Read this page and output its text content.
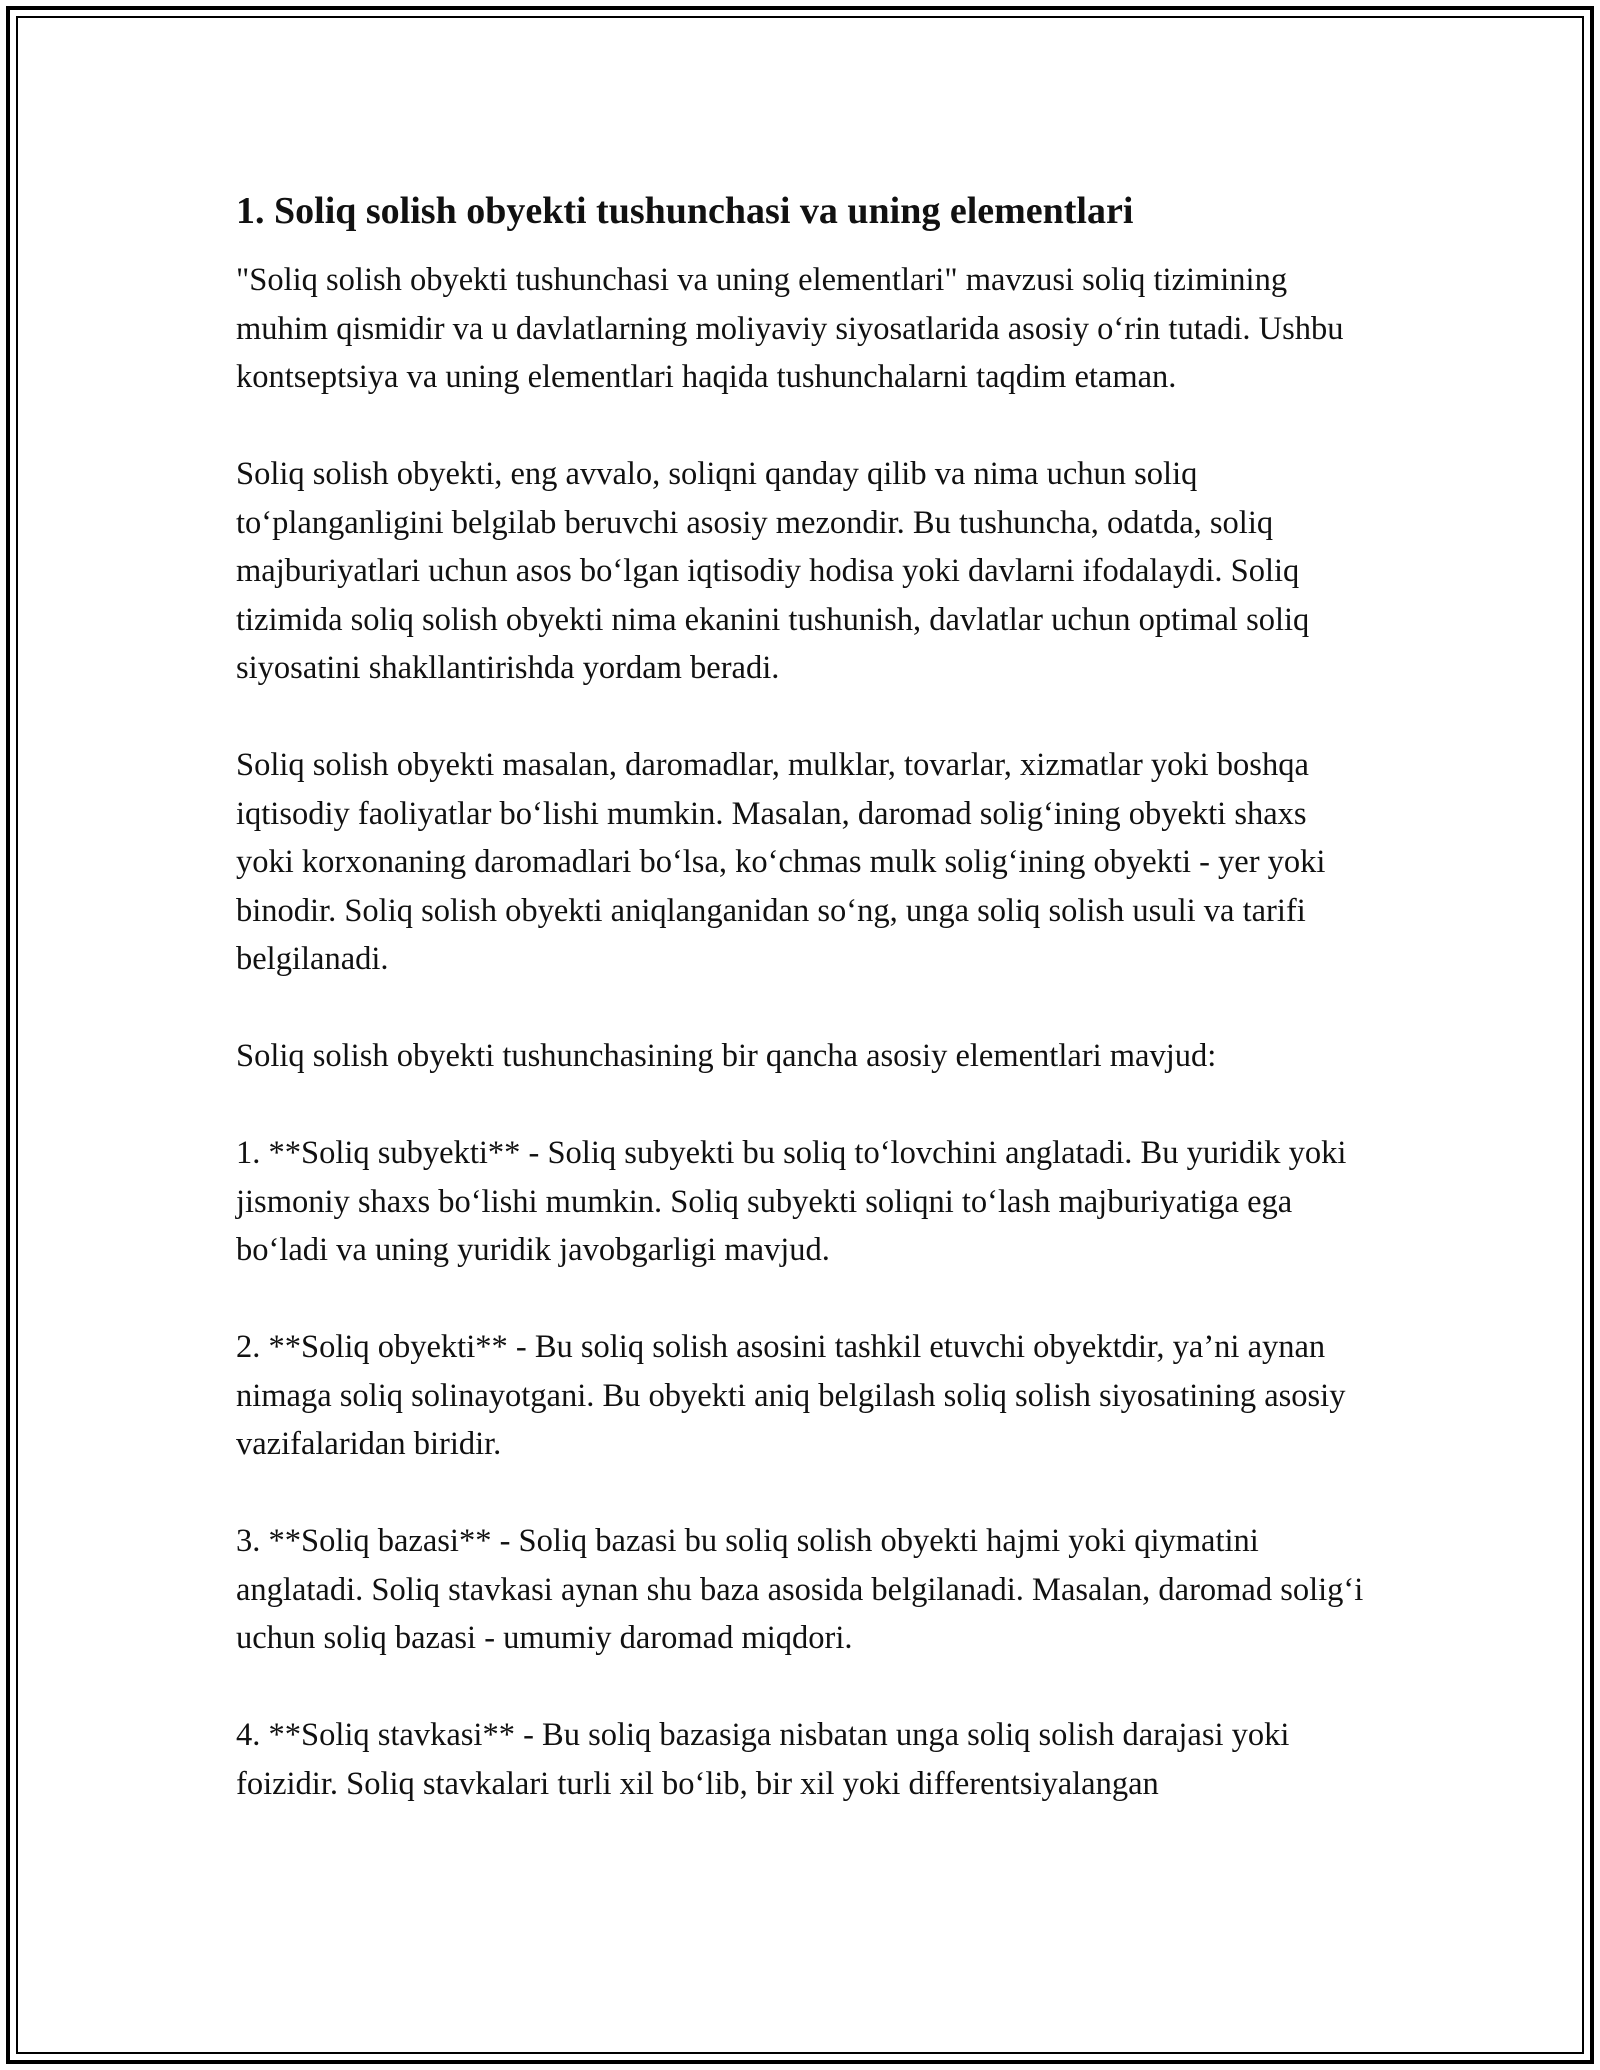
1. Soliq solish obyekti tushunchasi va uning elementlari

"Soliq solish obyekti tushunchasi va uning elementlari" mavzusi soliq tizimining muhim qismidir va u davlatlarning moliyaviy siyosatlarida asosiy o‘rin tutadi. Ushbu kontseptsiya va uning elementlari haqida tushunchalarni taqdim etaman.

Soliq solish obyekti, eng avvalo, soliqni qanday qilib va nima uchun soliq to‘planganligini belgilab beruvchi asosiy mezondir. Bu tushuncha, odatda, soliq majburiyatlari uchun asos bo‘lgan iqtisodiy hodisa yoki davlarni ifodalaydi. Soliq tizimida soliq solish obyekti nima ekanini tushunish, davlatlar uchun optimal soliq siyosatini shakllantirishda yordam beradi.

Soliq solish obyekti masalan, daromadlar, mulklar, tovarlar, xizmatlar yoki boshqa iqtisodiy faoliyatlar bo‘lishi mumkin. Masalan, daromad solig‘ining obyekti shaxs yoki korxonaning daromadlari bo‘lsa, ko‘chmas mulk solig‘ining obyekti - yer yoki binodir. Soliq solish obyekti aniqlanganidan so‘ng, unga soliq solish usuli va tarifi belgilanadi.

Soliq solish obyekti tushunchasining bir qancha asosiy elementlari mavjud:

1. **Soliq subyekti** - Soliq subyekti bu soliq to‘lovchini anglatadi. Bu yuridik yoki jismoniy shaxs bo‘lishi mumkin. Soliq subyekti soliqni to‘lash majburiyatiga ega bo‘ladi va uning yuridik javobgarligi mavjud.

2. **Soliq obyekti** - Bu soliq solish asosini tashkil etuvchi obyektdir, ya’ni aynan nimaga soliq solinayotgani. Bu obyekti aniq belgilash soliq solish siyosatining asosiy vazifalaridan biridir.

3. **Soliq bazasi** - Soliq bazasi bu soliq solish obyekti hajmi yoki qiymatini anglatadi. Soliq stavkasi aynan shu baza asosida belgilanadi. Masalan, daromad solig‘i uchun soliq bazasi - umumiy daromad miqdori.

4. **Soliq stavkasi** - Bu soliq bazasiga nisbatan unga soliq solish darajasi yoki foizidir. Soliq stavkalari turli xil bo‘lib, bir xil yoki differentsiyalangan
